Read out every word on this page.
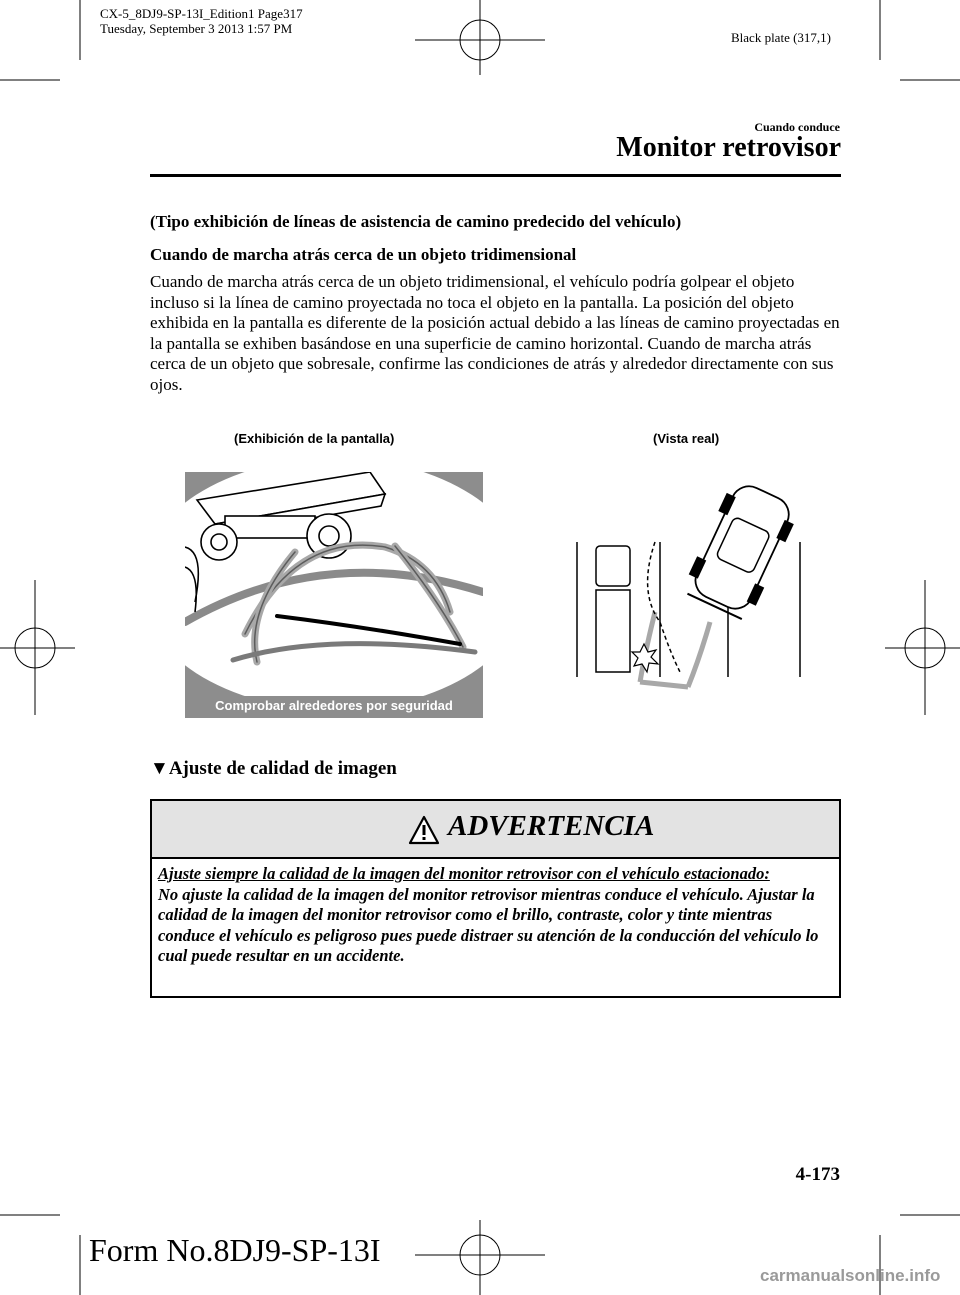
CX-5_8DJ9-SP-13I_Edition1 Page317
Tuesday, September 3 2013 1:57 PM
Black plate (317,1)
Cuando conduce
Monitor retrovisor
(Tipo exhibición de líneas de asistencia de camino predecido del vehículo)
Cuando de marcha atrás cerca de un objeto tridimensional
Cuando de marcha atrás cerca de un objeto tridimensional, el vehículo podría golpear el objeto incluso si la línea de camino proyectada no toca el objeto en la pantalla. La posición del objeto exhibida en la pantalla es diferente de la posición actual debido a las líneas de camino proyectadas en la pantalla se exhiben basándose en una superficie de camino horizontal. Cuando de marcha atrás cerca de un objeto que sobresale, confirme las condiciones de atrás y alrededor directamente con sus ojos.
(Exhibición de la pantalla)	(Vista real)
Comprobar alrededores por seguridad
▼Ajuste de calidad de imagen
ADVERTENCIA
Ajuste siempre la calidad de la imagen del monitor retrovisor con el vehículo estacionado:
No ajuste la calidad de la imagen del monitor retrovisor mientras conduce el vehículo. Ajustar la calidad de la imagen del monitor retrovisor como el brillo, contraste, color y tinte mientras conduce el vehículo es peligroso pues puede distraer su atención de la conducción del vehículo lo cual puede resultar en un accidente.
4-173
Form No.8DJ9-SP-13I
carmanualsonline.info
